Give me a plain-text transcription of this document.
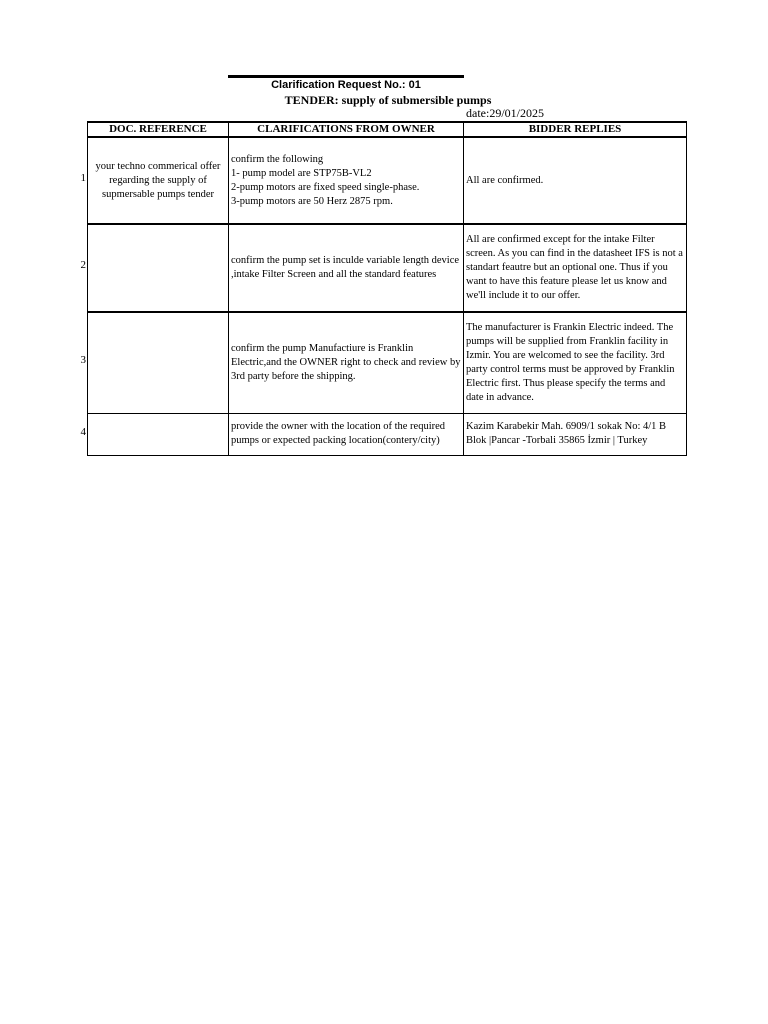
Clarification Request No.: 01
TENDER: supply of submersible pumps
date:29/01/2025
1
2
3
4
DOC. REFERENCE	CLARIFICATIONS FROM OWNER	BIDDER REPLIES
your techno commerical offer regarding the supply of supmersable pumps tender	confirm the following
1- pump model are STP75B-VL2
2-pump motors are fixed speed single-phase.
3-pump motors are 50 Herz 2875 rpm.	All are confirmed.
	confirm the pump set is inculde variable length device ,intake Filter Screen and all the standard features	All are confirmed except for the intake Filter screen. As you can find in the datasheet IFS is not a standart feautre but an optional one. Thus if you want to have this feature please let us know and we'll include it to our offer.
	confirm the pump Manufactiure is Franklin Electric,and the OWNER right to check and review by 3rd party before the shipping.	The manufacturer is Frankin Electric indeed. The pumps will be supplied from Franklin facility in Izmir. You are welcomed to see the facility. 3rd party control terms must be approved by Franklin Electric first. Thus please specify the terms and date in advance.
	provide the owner with the location of the required pumps or expected packing location(contery/city)	Kazim Karabekir Mah. 6909/1 sokak No: 4/1 B Blok |Pancar -Torbali 35865 İzmir | Turkey
